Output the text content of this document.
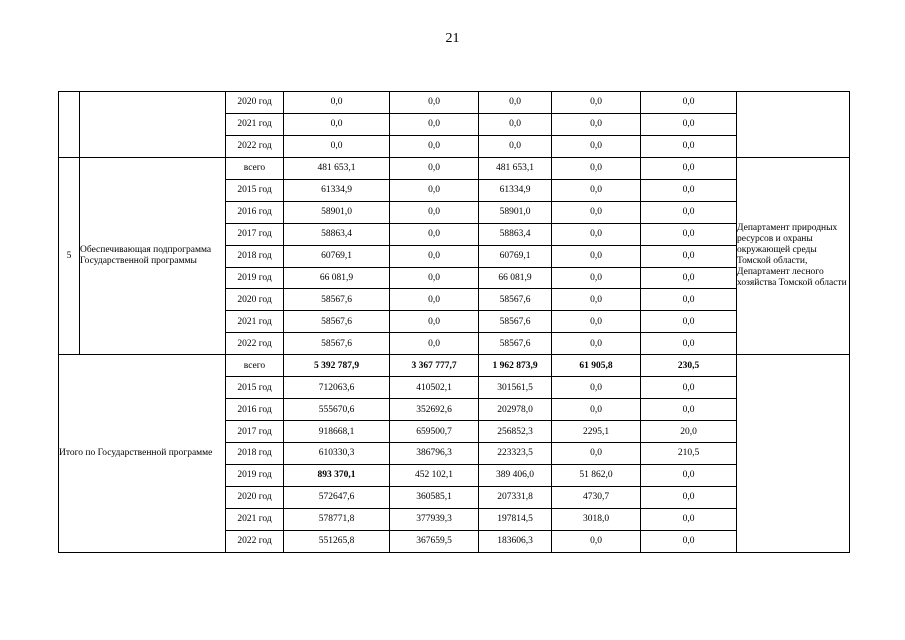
21
		2020 год	0,0	0,0	0,0	0,0	0,0	
		2021 год	0,0	0,0	0,0	0,0	0,0	
		2022 год	0,0	0,0	0,0	0,0	0,0	
5	Обеспечивающая подпрограмма Государственной программы	всего	481 653,1	0,0	481 653,1	0,0	0,0	Департамент природных ресурсов и охраны окружающей среды Томской области, Департамент лесного хозяйства Томской области
		2015 год	61334,9	0,0	61334,9	0,0	0,0	
		2016 год	58901,0	0,0	58901,0	0,0	0,0	
		2017 год	58863,4	0,0	58863,4	0,0	0,0	
		2018 год	60769,1	0,0	60769,1	0,0	0,0	
		2019 год	66 081,9	0,0	66 081,9	0,0	0,0	
		2020 год	58567,6	0,0	58567,6	0,0	0,0	
		2021 год	58567,6	0,0	58567,6	0,0	0,0	
		2022 год	58567,6	0,0	58567,6	0,0	0,0	
Итого по Государственной программе		всего	5 392 787,9	3 367 777,7	1 962 873,9	61 905,8	230,5	
		2015 год	712063,6	410502,1	301561,5	0,0	0,0	
		2016 год	555670,6	352692,6	202978,0	0,0	0,0	
		2017 год	918668,1	659500,7	256852,3	2295,1	20,0	
		2018 год	610330,3	386796,3	223323,5	0,0	210,5	
		2019 год	893 370,1	452 102,1	389 406,0	51 862,0	0,0	
		2020 год	572647,6	360585,1	207331,8	4730,7	0,0	
		2021 год	578771,8	377939,3	197814,5	3018,0	0,0	
		2022 год	551265,8	367659,5	183606,3	0,0	0,0	
